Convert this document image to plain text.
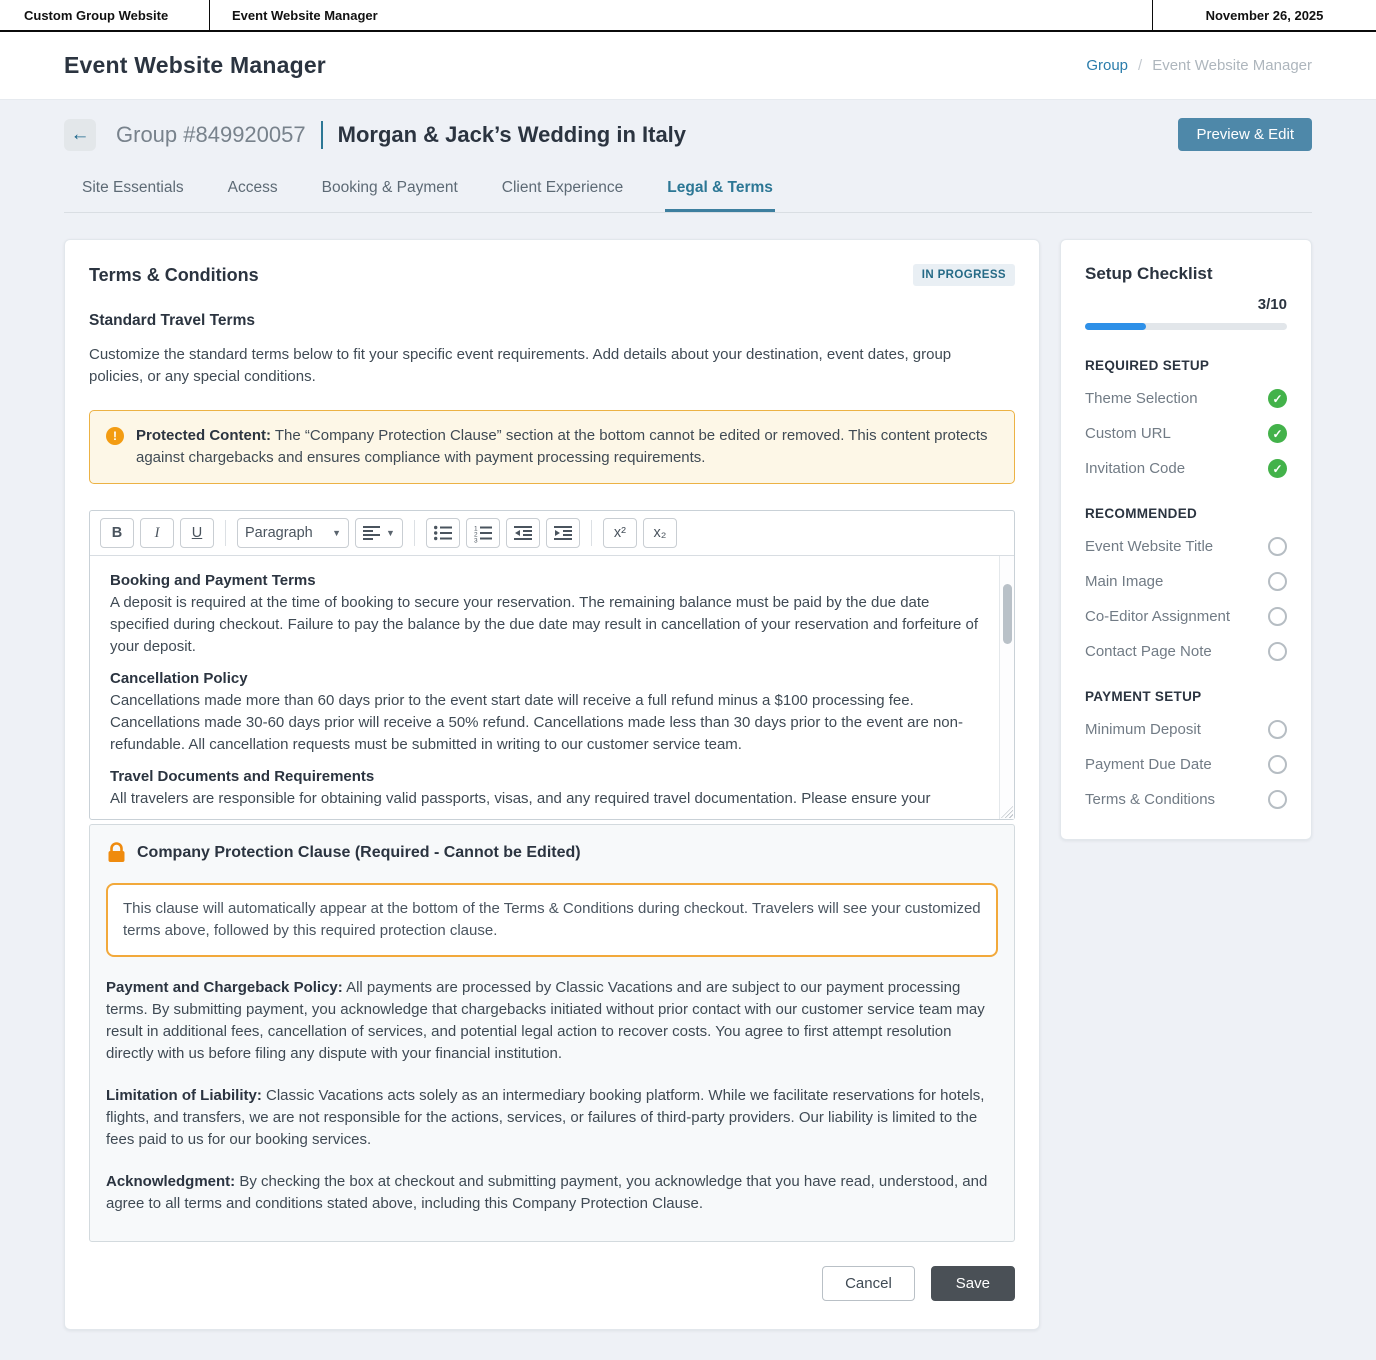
Custom Group Website	Event Website Manager	November 26, 2025
Event Website Manager	Group / Event Website Manager
← Group #849920057 Morgan & Jack’s Wedding in Italy	Preview & Edit
Site Essentials	Access	Booking & Payment	Client Experience	Legal & Terms
Terms & Conditions	IN PROGRESS
Standard Travel Terms
Customize the standard terms below to fit your specific event requirements. Add details about your destination, event dates, group policies, or any special conditions.
!	Protected Content: The “Company Protection Clause” section at the bottom cannot be edited or removed. This content protects against chargebacks and ensures compliance with payment processing requirements.
B I U	Paragraph ▼	▼	1
2
3	x² x₂
Booking and Payment Terms

A deposit is required at the time of booking to secure your reservation. The remaining balance must be paid by the due date specified during checkout. Failure to pay the balance by the due date may result in cancellation of your reservation and forfeiture of your deposit.

Cancellation Policy

Cancellations made more than 60 days prior to the event start date will receive a full refund minus a $100 processing fee. Cancellations made 30-60 days prior will receive a 50% refund. Cancellations made less than 30 days prior to the event are non-refundable. All cancellation requests must be submitted in writing to our customer service team.

Travel Documents and Requirements

All travelers are responsible for obtaining valid passports, visas, and any required travel documentation. Please ensure your

Company Protection Clause (Required - Cannot be Edited)
This clause will automatically appear at the bottom of the Terms & Conditions during checkout. Travelers will see your customized terms above, followed by this required protection clause.
Payment and Chargeback Policy: All payments are processed by Classic Vacations and are subject to our payment processing terms. By submitting payment, you acknowledge that chargebacks initiated without prior contact with our customer service team may result in additional fees, cancellation of services, and potential legal action to recover costs. You agree to first attempt resolution directly with us before filing any dispute with your financial institution.
Limitation of Liability: Classic Vacations acts solely as an intermediary booking platform. While we facilitate reservations for hotels, flights, and transfers, we are not responsible for the actions, services, or failures of third-party providers. Our liability is limited to the fees paid to us for our booking services.
Acknowledgment: By checking the box at checkout and submitting payment, you acknowledge that you have read, understood, and agree to all terms and conditions stated above, including this Company Protection Clause.
Cancel	Save
Setup Checklist
3/10
REQUIRED SETUP
Theme Selection
✓
Custom URL
✓
Invitation Code
✓
RECOMMENDED
Event Website Title
Main Image
Co-Editor Assignment
Contact Page Note
PAYMENT SETUP
Minimum Deposit
Payment Due Date
Terms & Conditions
